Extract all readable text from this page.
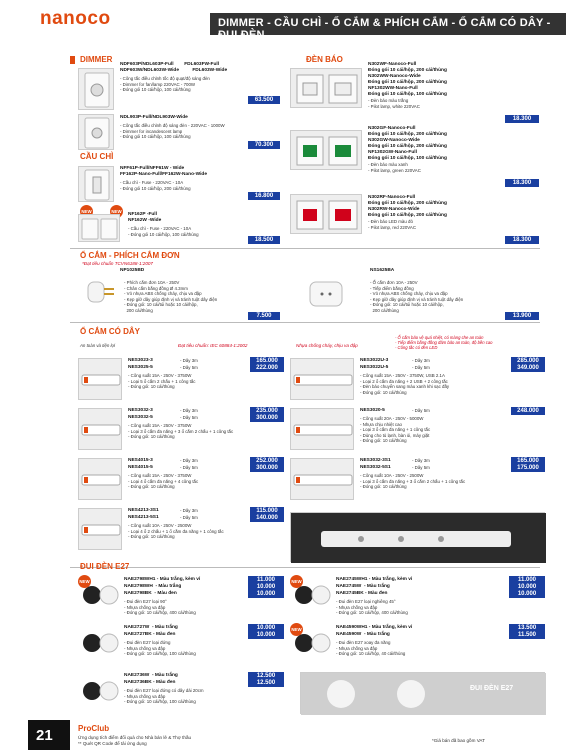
nanoco	DIMMER - CẦU CHÌ - Ổ CẮM & PHÍCH CẮM - Ổ CẮM CÓ DÂY - ĐUI ĐÈN
DIMMER
NDF603P/NDL603P-Full        FDL603FW-Full
NDF603W/NDL603W-Wide          FDL603W-Wide
- Công tắc điều chỉnh tốc độ quạt/độ sáng đèn
- Dimmer for fan/lamp 220VAC - 700W
- Đóng gói 10 cái/hộp, 100 cái/thùng
63.500
NDL903P-Full/NDL903W-Wide
- Công tắc điều chỉnh độ sáng đèn - 220VAC - 1000W
- Dimmer for incandescent lamp
- Đóng gói 10 cái/hộp, 100 cái/thùng
70.300
CẦU CHÌ
NFF61P-Full/NFF61W - Wide
FF162P-Nano-Full/FF162W-Nano-Wide
- Cầu chì - Fuse - 220VAC - 10A
- Đóng gói 10 cái/hộp, 200 cái/thùng
16.800
NEW	NEW
NF162P -Full
NF162W -Wide
- Cầu chì - Fuse - 220VAC - 10A
- Đóng gói 10 cái/hộp, 100 cái/thùng
18.500
ĐÈN BÁO
N302WF-Nanoco-Full
Đóng gói 10 cái/hộp, 200 cái/thùng
N302WW-Nanoco-Wide
Đóng gói 10 cái/hộp, 200 cái/thùng
NF1302WW-Nano-Full
Đóng gói 10 cái/hộp, 100 cái/thùng
- Đèn báo màu trắng
- Pilot lamp, white 220VAC
18.300
N302GF-Nanoco-Full
Đóng gói 10 cái/hộp, 200 cái/thùng
N302GW-Nanoco-Wide
Đóng gói 10 cái/hộp, 200 cái/thùng
NF1302GW-Nano-Full
Đóng gói 10 cái/hộp, 100 cái/thùng
- Đèn báo màu xanh
- Pilot lamp, green 220VAC
18.300
N302RF-Nanoco-Full
Đóng gói 10 cái/hộp, 200 cái/thùng
N302RW-Nanoco-Wide
Đóng gói 10 cái/hộp, 200 cái/thùng
- Đèn báo LED màu đỏ
- Pilot lamp, red 220VAC
18.300
Ổ CẮM - PHÍCH CẮM ĐƠN
*Đạt tiêu chuẩn TCVN6188-1:2007
NP1025BD
- Phích cắm đơn 10A - 250V
- Chân cắm bằng đồng Ø 4.3mm
- Vỏ nhựa ABS chống cháy, chịu va đập
- Kẹp giữ dây giúp định vị và tránh tuột dây điện
- Đóng gói: 10 cái/túi hoặc 10 cái/hộp,
200 cái/thùng
7.500
NS1625BA
- Ổ cắm đơn 10A - 250V
- Tiếp điểm bằng đồng
- Vỏ nhựa ABS chống cháy, chịu va đập
- Kẹp giữ dây giúp định vị và tránh tuột dây điện
- Đóng gói: 10 cái/túi hoặc 10 cái/hộp,
200 cái/thùng
13.900
Ổ CẮM CÓ DÂY
An toàn và tiện lợi	Đạt tiêu chuẩn: IEC 60884-1:2002	Nhựa chống cháy, chịu va đập
- Ổ cắm bảo vệ quá nhiệt, có màng che an toàn
- Tiếp điểm bằng đồng đảm bảo an toàn, độ bền cao
- Công tắc có đèn LED
NES3023-3	- Dây 3m	165.000
NES3025-5	- Dây 5m	222.000
- Công suất 15A - 250V - 3750W
- Loại 5 ổ cắm 2 chấu + 1 công tắc
- Đóng gói: 10 cái/thùng
NES3032-3	- Dây 3m	235.000
NES3032-5	- Dây 5m	300.000
- Công suất 15A - 250V - 3750W
- Loại 3 ổ cắm đa năng + 3 ổ cắm 2 chấu + 1 công tắc
- Đóng gói: 10 cái/thùng
NES4015-3	- Dây 3m	252.000
NES4015-5	- Dây 5m	300.000
- Công suất 15A - 250V - 3750W
- Loại 4 ổ cắm đa năng + 4 công tắc
- Đóng gói: 10 cái/thùng
NES4213-3S1	- Dây 3m	115.000
NES4213-5S1	- Dây 5m	140.000
- Công suất 10A - 250V - 2500W
- Loại 4 ổ 2 chấu + 1 ổ cắm đa năng + 1 công tắc
- Đóng gói: 10 cái/thùng
NES3022U-3	- Dây 3m	285.000
NES3022U-5	- Dây 5m	349.000
- Công suất 15A - 250V - 3750W, USB 2.1A
- Loại 2 ổ cắm đa năng + 2 USB + 2 công tắc
- Đèn báo chuyển sang màu xanh khi sạc đầy
- Đóng gói: 10 cái/thùng
NES3020-5	- Dây 5m	248.000
- Công suất 20A - 250V - 5000W
- Nhựa chịu nhiệt cao
- Loại 3 ổ cắm đa năng + 1 công tắc
- Dùng cho tủ lạnh, bàn ủi, máy giặt
- Đóng gói: 10 cái/thùng
NES3032-3S1	- Dây 3m	165.000
NES3032-5S1	- Dây 5m	175.000
- Công suất 10A - 250V - 2500W
- Loại 3 ổ cắm đa năng + 3 ổ cắm 2 chấu + 1 công tắc
- Đóng gói: 10 cái/thùng
ĐUI ĐÈN E27
NEW	NAE2798WH1 - Màu trắng, kèm vỉ	11.000
NAE2798WH  - Màu trắng	10.000
NAE2798BK  - Màu đen	10.000
- Đui đèn E27 loại 90°
- Nhựa chống va đập
- Đóng gói: 10 cái/hộp, 400 cái/thùng
NAE2727W  - Màu trắng	10.000
NAE2727BK - Màu đen	10.000
- Đui đèn E27 loại đứng
- Nhựa chống va đập
- Đóng gói: 10 cái/hộp, 100 cái/thùng
NAE2736W  - Màu trắng	12.500
NAE2736BK - Màu đen	12.500
- Đui đèn E27 loại đứng có dây dài 20cm
- Nhựa chống va đập
- Đóng gói: 10 cái/hộp, 100 cái/thùng
NEW	NAE2745WH1 - Màu trắng, kèm vỉ	11.000
NAE2745W  - Màu trắng	10.000
NAE2745BK - Màu đen	10.000
- Đui đèn E27 loại nghiêng 45°
- Nhựa chống va đập
- Đóng gói: 10 cái/hộp, 400 cái/thùng
NEW	NAE4590WH1 - Màu trắng, kèm vỉ	13.500
NAE4590W  - Màu trắng	11.500
- Đui đèn E27 xoay đa năng
- Nhựa chống va đập
- Đóng gói: 10 cái/hộp, 40 cái/thùng
ĐUI ĐÈN E27
21	ProClub
Ứng dụng tích điểm đổi quà cho Nhà bán lẻ & Thợ thầu
** Quét QR Code để tải ứng dụng
*Giá bán đã bao gồm VAT
